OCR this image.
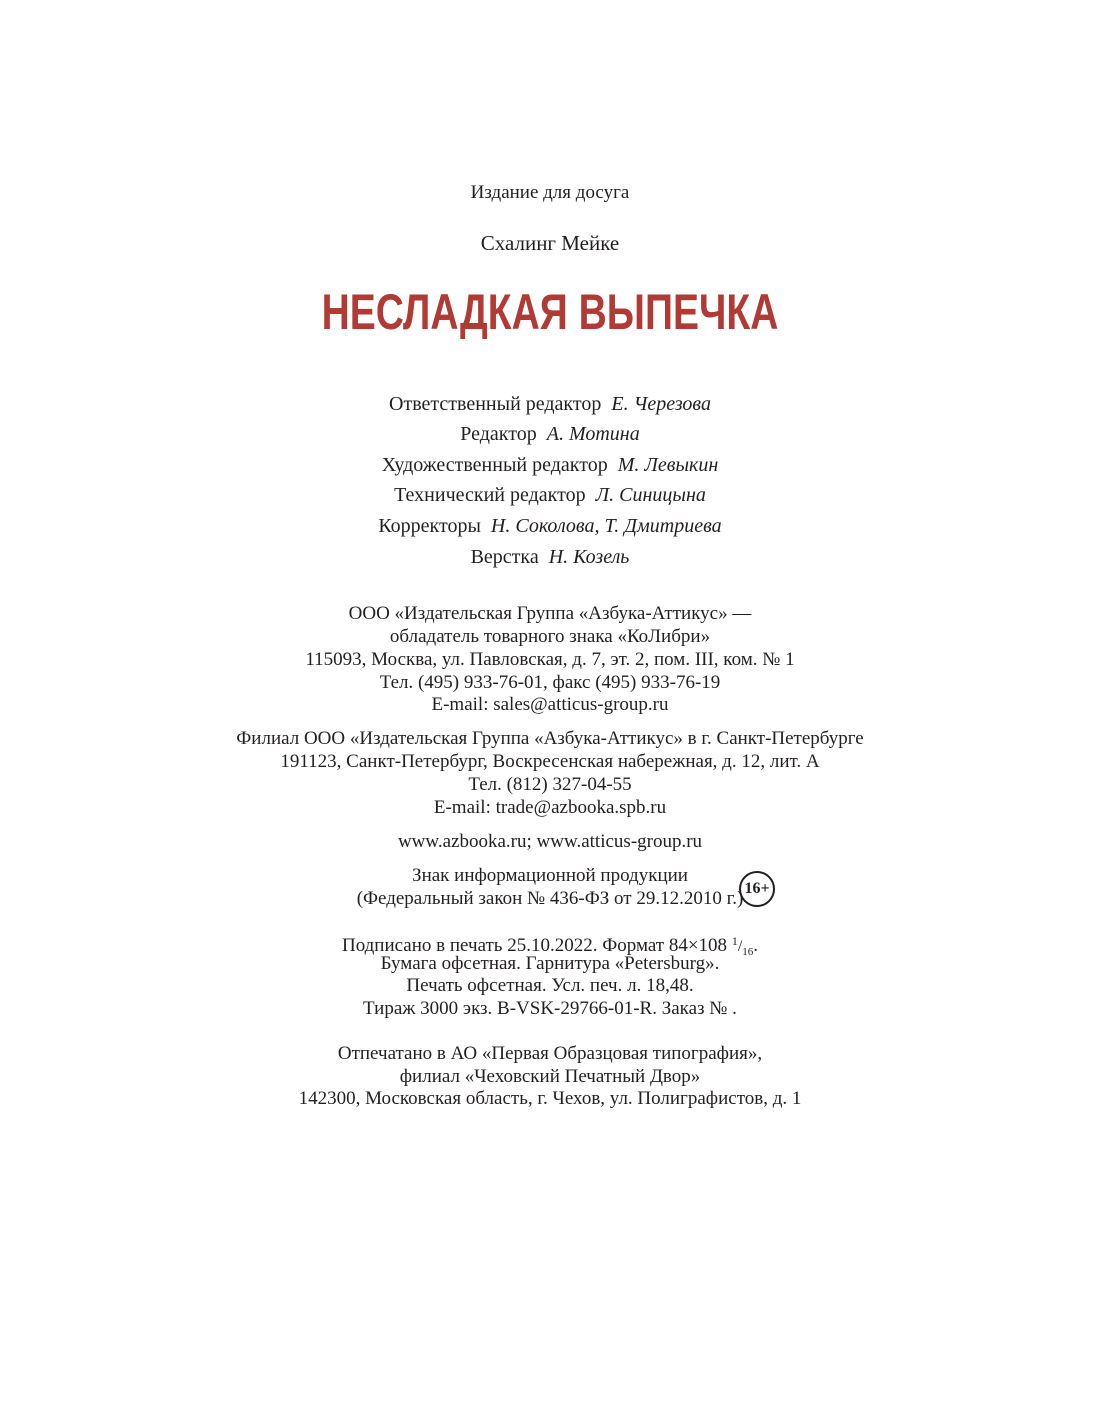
Издание для досуга
Схалинг Мейке
НЕСЛАДКАЯ ВЫПЕЧКА
Ответственный редактор Е. Черезова
Редактор А. Мотина
Художественный редактор М. Левыкин
Технический редактор Л. Синицына
Корректоры Н. Соколова, Т. Дмитриева
Верстка Н. Козель
ООО «Издательская Группа «Азбука-Аттикус» —
обладатель товарного знака «КоЛибри»
115093, Москва, ул. Павловская, д. 7, эт. 2, пом. III, ком. № 1
Тел. (495) 933-76-01, факс (495) 933-76-19
E-mail: sales@atticus-group.ru
Филиал ООО «Издательская Группа «Азбука-Аттикус» в г. Санкт-Петербурге
191123, Санкт-Петербург, Воскресенская набережная, д. 12, лит. А
Тел. (812) 327-04-55
E-mail: trade@azbooka.spb.ru
www.azbooka.ru; www.atticus-group.ru
Знак информационной продукции
(Федеральный закон № 436-ФЗ от 29.12.2010 г.) 16+
Подписано в печать 25.10.2022. Формат 84×108 $^1/_{16}$.
Бумага офсетная. Гарнитура «Petersburg».
Печать офсетная. Усл. печ. л. 18,48.
Тираж 3000 экз. B-VSK-29766-01-R. Заказ № .
Отпечатано в АО «Первая Образцовая типография»,
филиал «Чеховский Печатный Двор»
142300, Московская область, г. Чехов, ул. Полиграфистов, д. 1
